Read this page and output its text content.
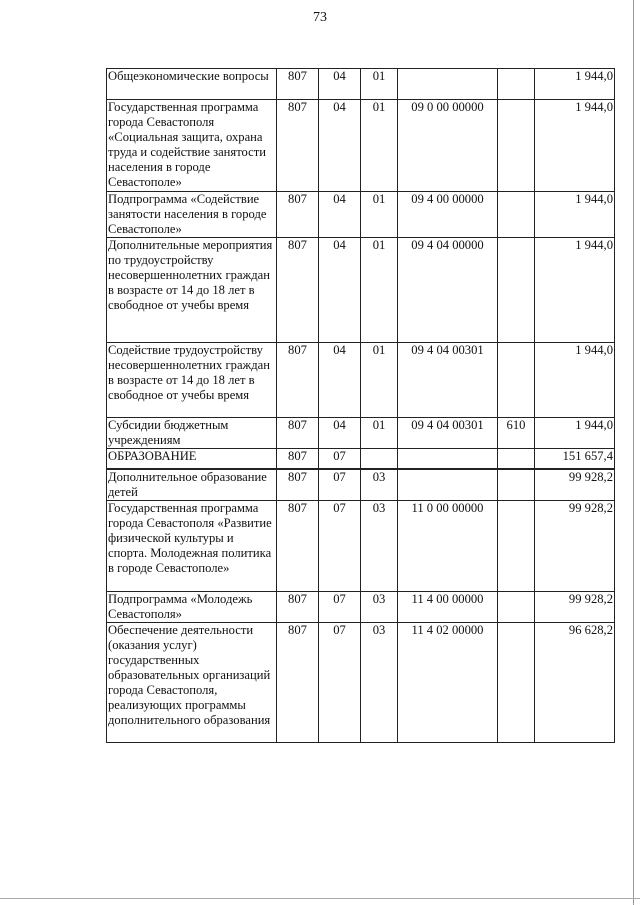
73
Общеэкономические вопросы	807	04	01			1 944,0
Государственная программа города Севастополя «Социальная защита, охрана труда и содействие занятости населения в городе Севастополе»	807	04	01	09 0 00 00000		1 944,0
Подпрограмма «Содействие занятости населения в городе Севастополе»	807	04	01	09 4 00 00000		1 944,0
Дополнительные мероприятия по трудоустройству несовершеннолетних граждан в возрасте от 14 до 18 лет в свободное от учебы время	807	04	01	09 4 04 00000		1 944,0
Содействие трудоустройству несовершеннолетних граждан в возрасте от 14 до 18 лет в свободное от учебы время	807	04	01	09 4 04 00301		1 944,0
Субсидии бюджетным учреждениям	807	04	01	09 4 04 00301	610	1 944,0
ОБРАЗОВАНИЕ	807	07				151 657,4
Дополнительное образование детей	807	07	03			99 928,2
Государственная программа города Севастополя «Развитие физической культуры и спорта. Молодежная политика в городе Севастополе»	807	07	03	11 0 00 00000		99 928,2
Подпрограмма «Молодежь Севастополя»	807	07	03	11 4 00 00000		99 928,2
Обеспечение деятельности (оказания услуг) государственных образовательных организаций города Севастополя, реализующих программы дополнительного образования	807	07	03	11 4 02 00000		96 628,2
